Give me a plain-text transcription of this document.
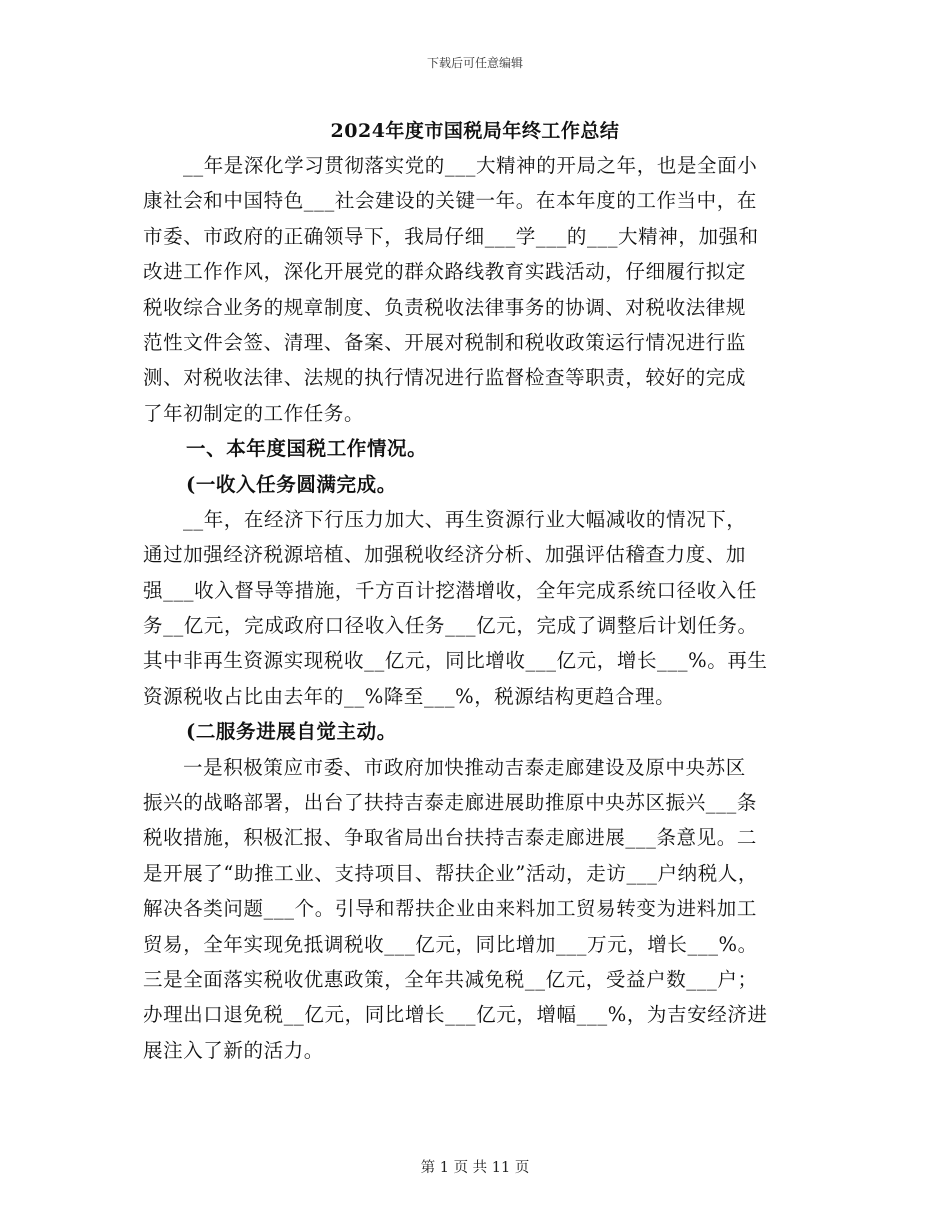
下载后可任意编辑
2024年度市国税局年终工作总结
__年是深化学习贯彻落实党的___大精神的开局之年，也是全面小
康社会和中国特色___社会建设的关键一年。在本年度的工作当中，在
市委、市政府的正确领导下，我局仔细___学___的___大精神，加强和
改进工作作风，深化开展党的群众路线教育实践活动，仔细履行拟定
税收综合业务的规章制度、负责税收法律事务的协调、对税收法律规
范性文件会签、清理、备案、开展对税制和税收政策运行情况进行监
测、对税收法律、法规的执行情况进行监督检查等职责，较好的完成
了年初制定的工作任务。
一、本年度国税工作情况。
(一收入任务圆满完成。
__年，在经济下行压力加大、再生资源行业大幅减收的情况下，
通过加强经济税源培植、加强税收经济分析、加强评估稽查力度、加
强___收入督导等措施，千方百计挖潜增收，全年完成系统口径收入任
务__亿元，完成政府口径收入任务___亿元，完成了调整后计划任务。
其中非再生资源实现税收__亿元，同比增收___亿元，增长___%。再生
资源税收占比由去年的__%降至___%，税源结构更趋合理。
(二服务进展自觉主动。
一是积极策应市委、市政府加快推动吉泰走廊建设及原中央苏区
振兴的战略部署，出台了扶持吉泰走廊进展助推原中央苏区振兴___条
税收措施，积极汇报、争取省局出台扶持吉泰走廊进展___条意见。二
是开展了“助推工业、支持项目、帮扶企业”活动，走访___户纳税人，
解决各类问题___个。引导和帮扶企业由来料加工贸易转变为进料加工
贸易，全年实现免抵调税收___亿元，同比增加___万元，增长___%。
三是全面落实税收优惠政策，全年共减免税__亿元，受益户数___户；
办理出口退免税__亿元，同比增长___亿元，增幅___%，为吉安经济进
展注入了新的活力。
第 1 页 共 11 页
